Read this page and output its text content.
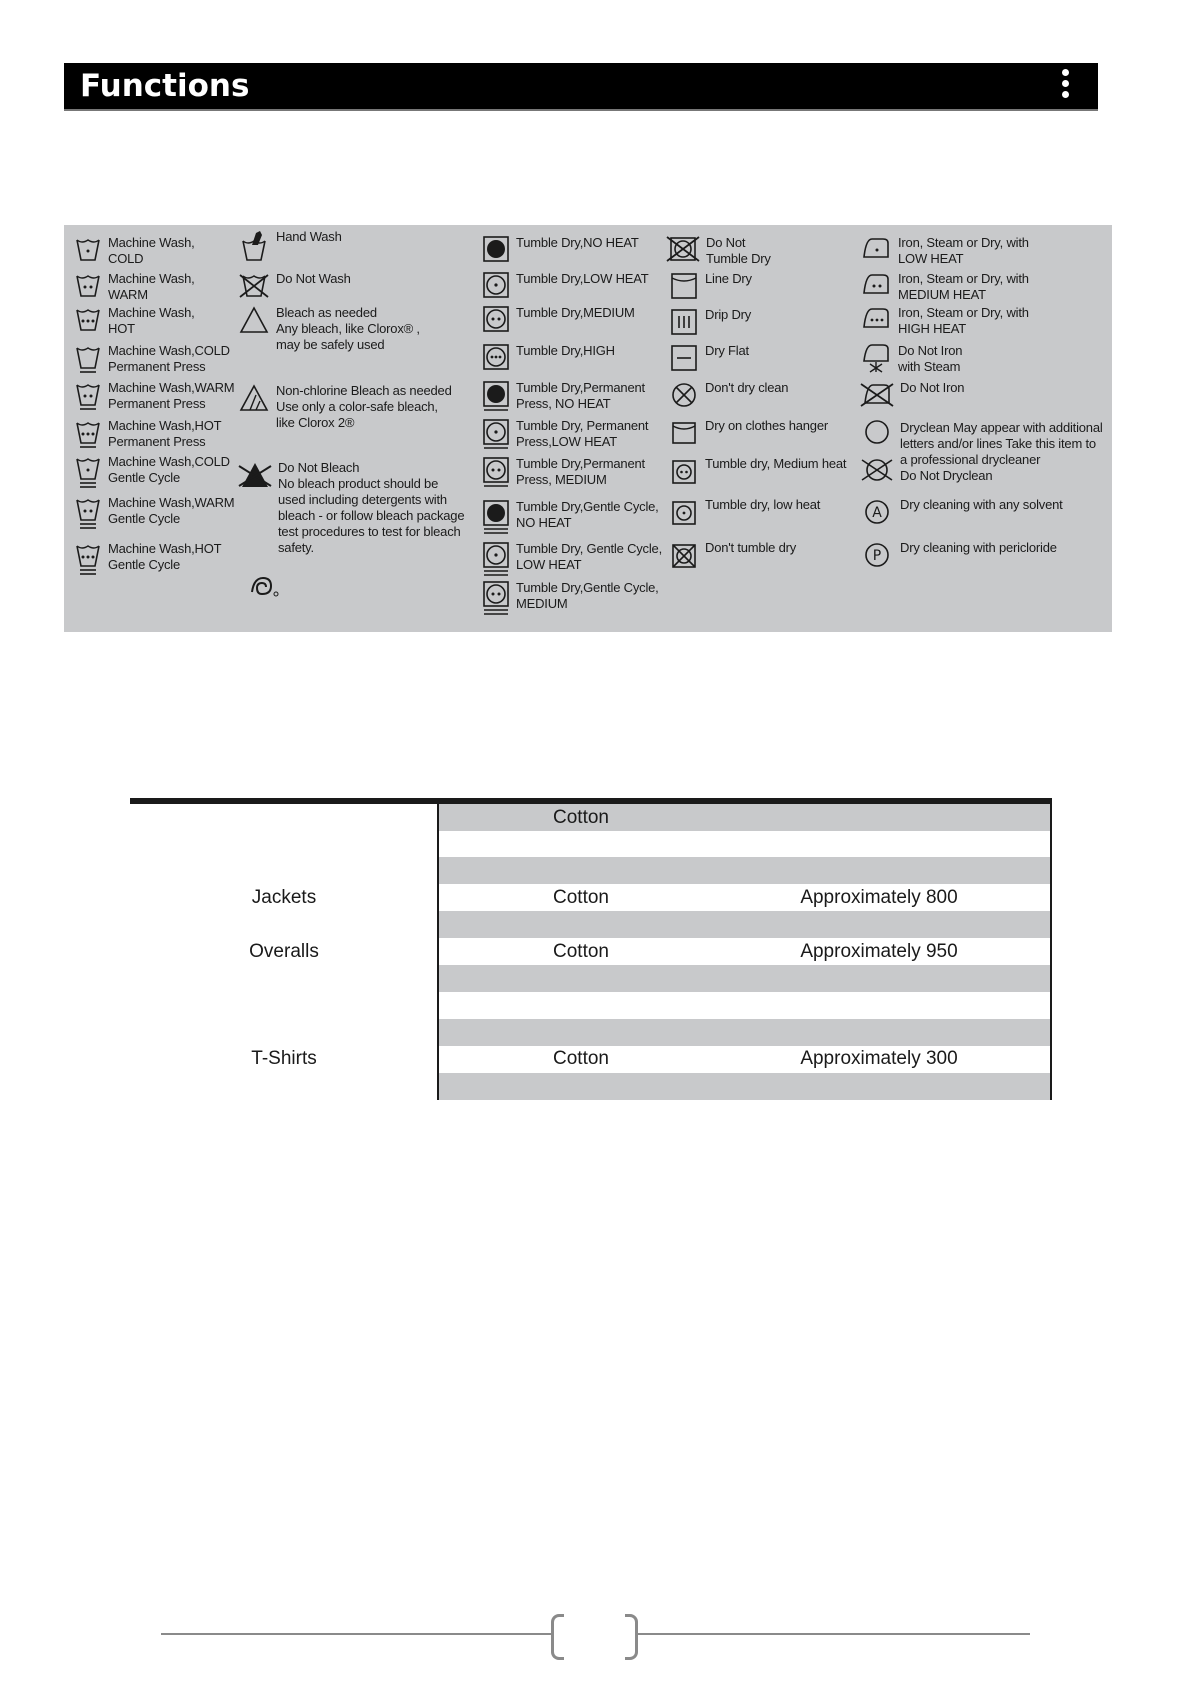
Functions
Machine Wash,
COLD
Machine Wash,
WARM
Machine Wash,
HOT
Machine Wash,COLD
Permanent Press
Machine Wash,WARM
Permanent Press
Machine Wash,HOT
Permanent Press
Machine Wash,COLD
Gentle Cycle
Machine Wash,WARM
Gentle Cycle
Machine Wash,HOT
Gentle Cycle
Hand Wash
Do Not Wash
Bleach as needed
Any bleach, like Clorox® ,
may be safely used
Non-chlorine Bleach as needed
Use only a color-safe bleach,
like Clorox 2®
Do Not Bleach
No bleach product should be
used including detergents with
bleach - or follow bleach package
test procedures to test for bleach
safety.
Tumble Dry,NO HEAT
Tumble Dry,LOW HEAT
Tumble Dry,MEDIUM
Tumble Dry,HIGH
Tumble Dry,Permanent
Press, NO HEAT
Tumble Dry, Permanent
Press,LOW HEAT
Tumble Dry,Permanent
Press, MEDIUM
Tumble Dry,Gentle Cycle,
NO HEAT
Tumble Dry, Gentle Cycle,
LOW HEAT
Tumble Dry,Gentle Cycle,
MEDIUM
Do Not
Tumble Dry
Line Dry
Drip Dry
Dry Flat
Don't dry clean
Dry on clothes hanger
Tumble dry, Medium heat
Tumble dry, low heat
Don't tumble dry
Iron, Steam or Dry, with
LOW HEAT
Iron, Steam or Dry, with
MEDIUM HEAT
Iron, Steam or Dry, with
HIGH HEAT
Do Not Iron
with Steam
Do Not Iron
Dryclean May appear with additional
letters and/or lines Take this item to
a professional drycleaner
Do Not Dryclean
A
Dry cleaning with any solvent
P
Dry cleaning with pericloride
Cotton
Jackets	Cotton	Approximately 800
Overalls	Cotton	Approximately 950
T-Shirts	Cotton	Approximately 300
